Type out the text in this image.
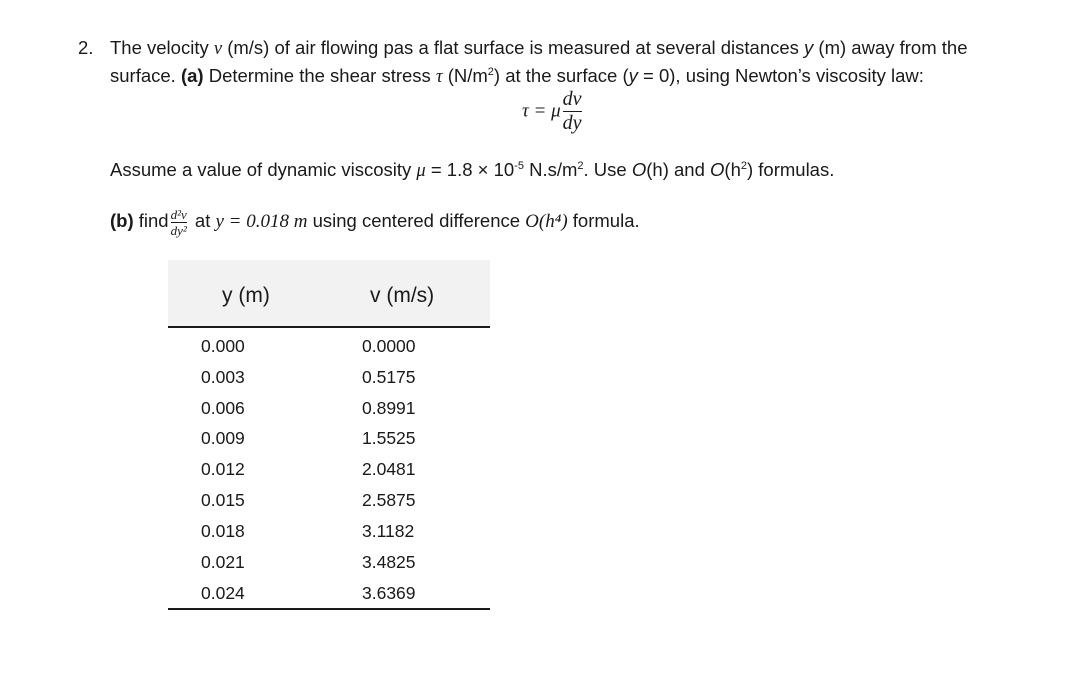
2. The velocity v (m/s) of air flowing pas a flat surface is measured at several distances y (m) away from the
surface. (a) Determine the shear stress τ $(N/m^2)$ at the surface (y = 0), using Newton’s viscosity law:
τ = μ $\frac{dv}{dy}$
Assume a value of dynamic viscosity $\mu = 1.8 \times 10^{-5}$ $N.s/m^2$. Use O(h) and $O(h^2)$ formulas.
(b) find $\frac{\text{d²v}}{\text{dy²}}$ at y = 0.018 m using centered difference O(h⁴) formula.
y (m)	v (m/s)
0.000	0.0000
0.003	0.5175
0.006	0.8991
0.009	1.5525
0.012	2.0481
0.015	2.5875
0.018	3.1182
0.021	3.4825
0.024	3.6369
